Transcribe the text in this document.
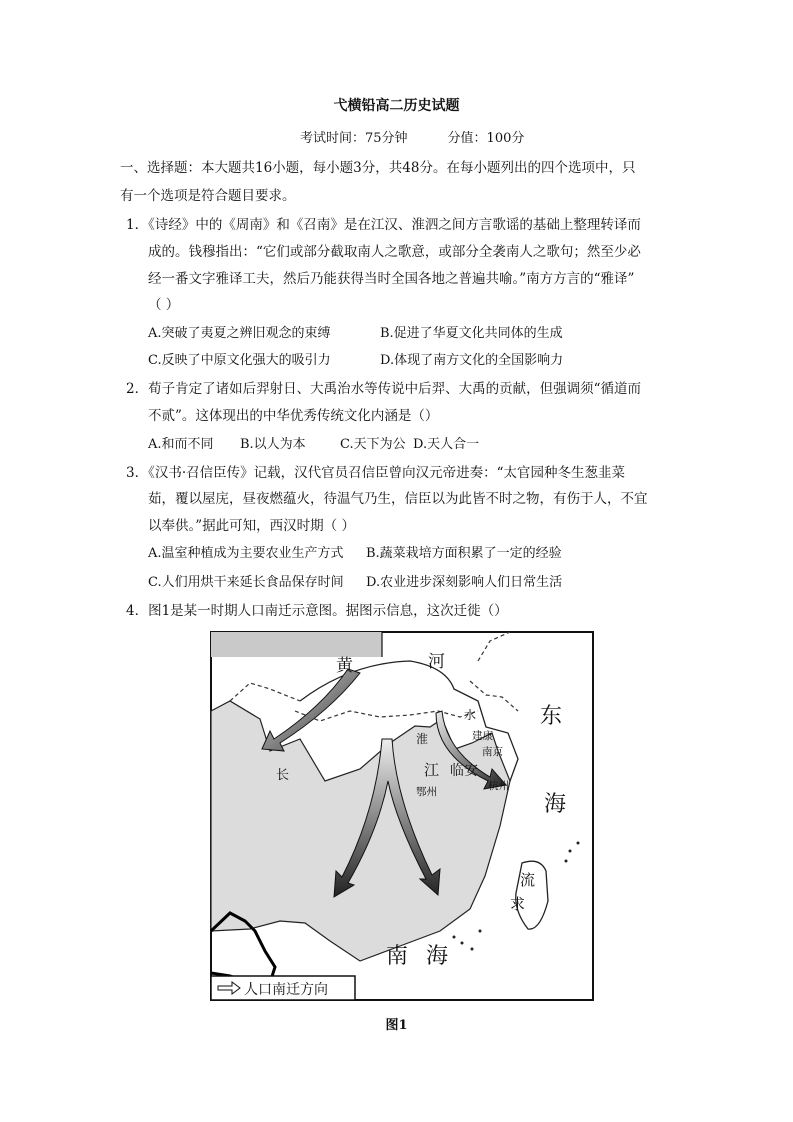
弋横铅高二历史试题
考试时间：75分钟	分值：100分
一、选择题：本大题共16小题，每小题3分，共48分。在每小题列出的四个选项中，只
有一个选项是符合题目要求。
1．《诗经》中的《周南》和《召南》是在江汉、淮泗之间方言歌谣的基础上整理转译而
成的。钱穆指出：“它们或部分截取南人之歌意，或部分全袭南人之歌句；然至少必
经一番文字雅译工夫，然后乃能获得当时全国各地之普遍共喻。”南方方言的“雅译”
（ ）
A.突破了夷夏之辨旧观念的束缚	B.促进了华夏文化共同体的生成
C.反映了中原文化强大的吸引力	D.体现了南方文化的全国影响力
2．荀子肯定了诸如后羿射日、大禹治水等传说中后羿、大禹的贡献，但强调须“循道而
不贰”。这体现出的中华优秀传统文化内涵是（）
A.和而不同 B.以人为本	C.天下为公 D.天人合一
3．《汉书·召信臣传》记载，汉代官员召信臣曾向汉元帝进奏：“太官园种冬生葱韭菜
茹，覆以屋庑，昼夜燃蕴火，待温气乃生，信臣以为此皆不时之物，有伤于人，不宜
以奉供。”据此可知，西汉时期（ ）
A.温室种植成为主要农业生产方式 B.蔬菜栽培方面积累了一定的经验
C.人们用烘干来延长食品保存时间 D.农业进步深刻影响人们日常生活
4．图1是某一时期人口南迁示意图。据图示信息，这次迁徙（）
黄	河
水	东
海
淮	建康
南京
长	江 临安
鄂州
杭州
流
求
南 海
人口南迁方向
图1
